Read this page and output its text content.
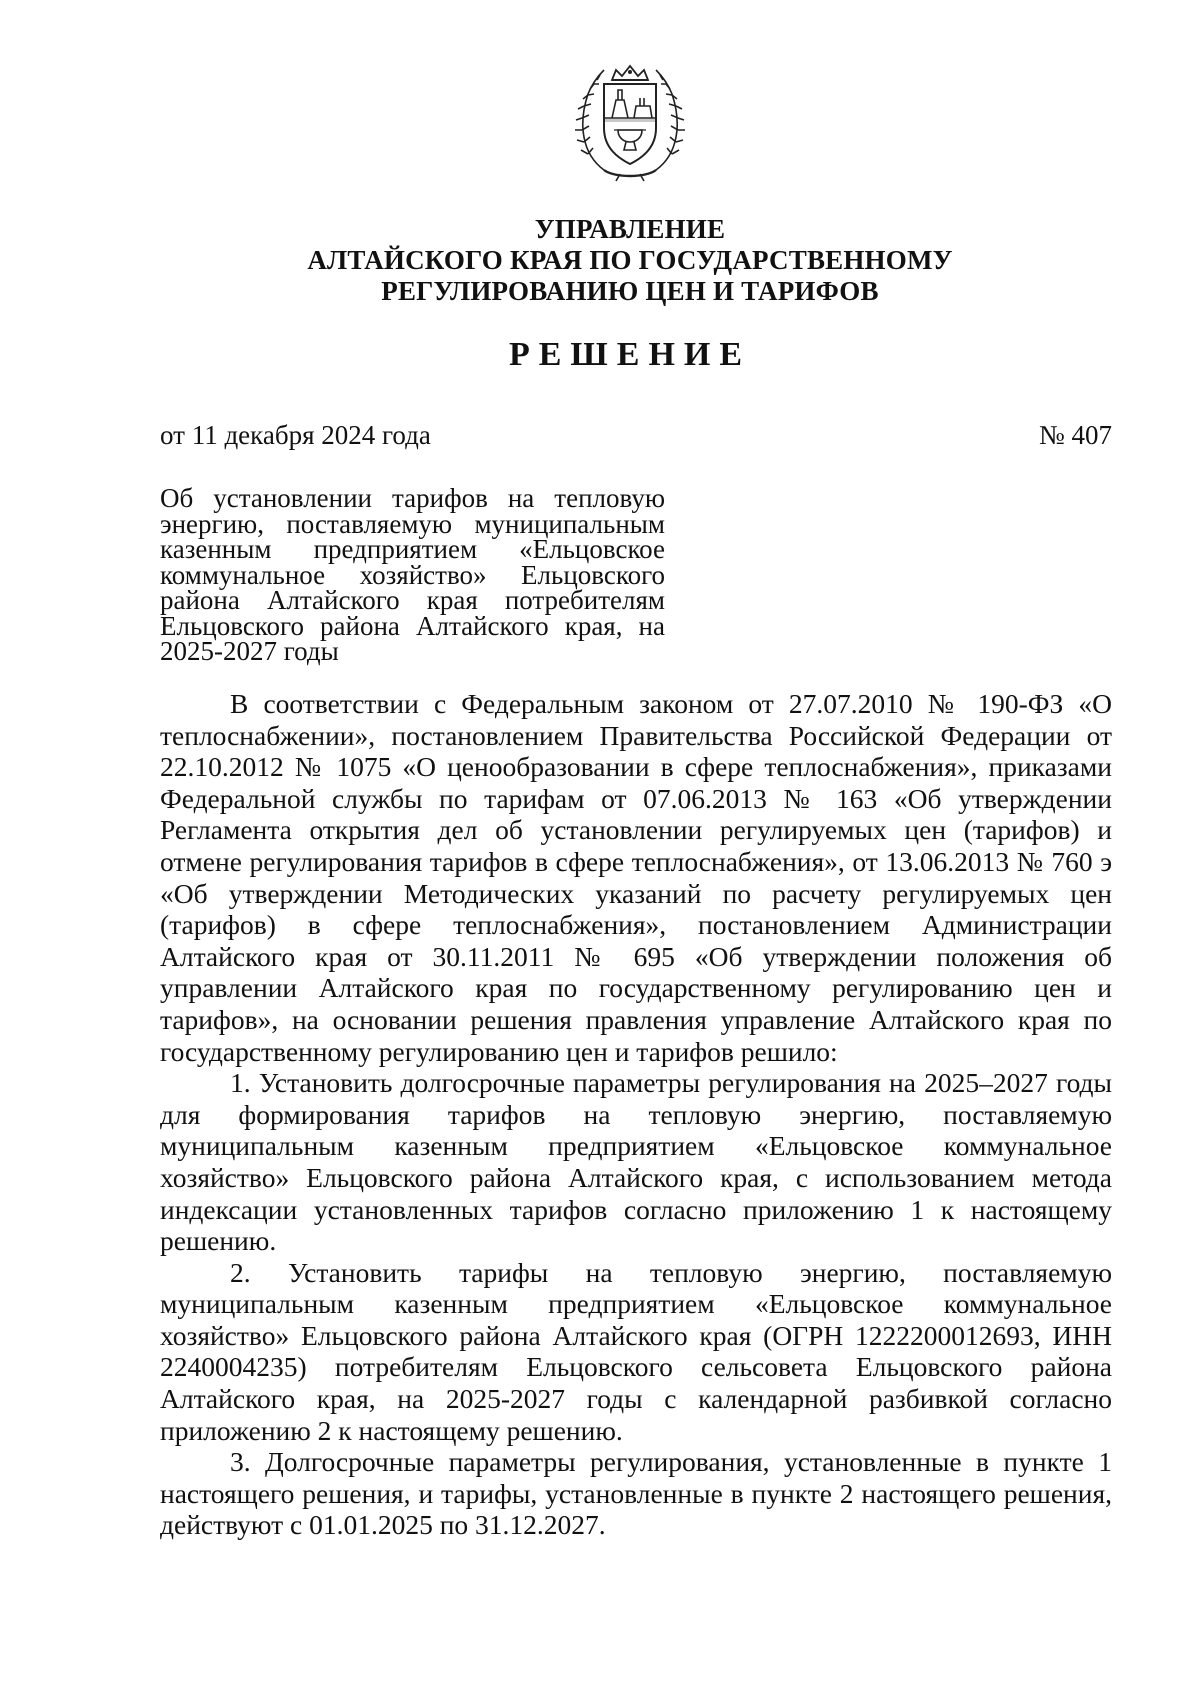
УПРАВЛЕНИЕ
АЛТАЙСКОГО КРАЯ ПО ГОСУДАРСТВЕННОМУ
РЕГУЛИРОВАНИЮ ЦЕН И ТАРИФОВ
РЕШЕНИЕ
от 11 декабря 2024 года	№ 407
Об установлении тарифов на тепловую энергию, поставляемую муниципальным казенным предприятием «Ельцовское коммунальное хозяйство» Ельцовского района Алтайского края потребителям Ельцовского района Алтайского края, на 2025-2027 годы

В соответствии с Федеральным законом от 27.07.2010 № 190-ФЗ «О теплоснабжении», постановлением Правительства Российской Федерации от 22.10.2012 № 1075 «О ценообразовании в сфере теплоснабжения», приказами Федеральной службы по тарифам от 07.06.2013 № 163 «Об утверждении Регламента открытия дел об установлении регулируемых цен (тарифов) и отмене регулирования тарифов в сфере теплоснабжения», от 13.06.2013 № 760 э «Об утверждении Методических указаний по расчету регулируемых цен (тарифов) в сфере теплоснабжения», постановлением Администрации Алтайского края от 30.11.2011 № 695 «Об утверждении положения об управлении Алтайского края по государственному регулированию цен и тарифов», на основании решения правления управление Алтайского края по государственному регулированию цен и тарифов решило:

1. Установить долгосрочные параметры регулирования на 2025–2027 годы для формирования тарифов на тепловую энергию, поставляемую муниципальным казенным предприятием «Ельцовское коммунальное хозяйство» Ельцовского района Алтайского края, с использованием метода индексации установленных тарифов согласно приложению 1 к настоящему решению.

2. Установить тарифы на тепловую энергию, поставляемую муниципальным казенным предприятием «Ельцовское коммунальное хозяйство» Ельцовского района Алтайского края (ОГРН 1222200012693, ИНН 2240004235) потребителям Ельцовского сельсовета Ельцовского района Алтайского края, на 2025-2027 годы с календарной разбивкой согласно приложению 2 к настоящему решению.

3. Долгосрочные параметры регулирования, установленные в пункте 1 настоящего решения, и тарифы, установленные в пункте 2 настоящего решения, действуют с 01.01.2025 по 31.12.2027.
